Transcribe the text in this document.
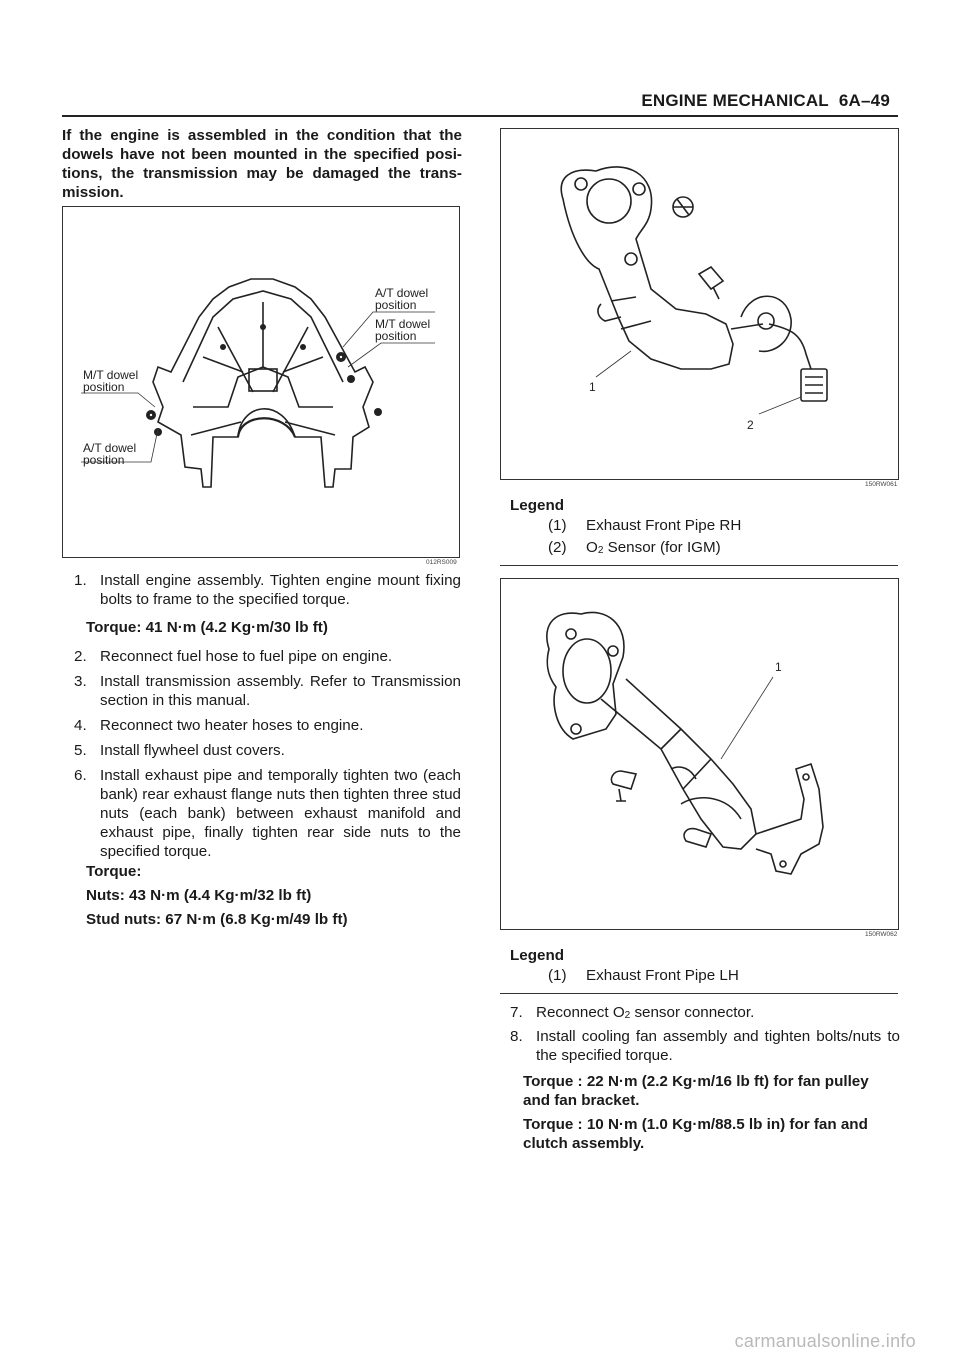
ENGINE MECHANICAL 6A–49
If the engine is assembled in the condition that the dowels have not been mounted in the specified posi- tions, the transmission may be damaged the trans- mission.
A/T dowel
position
M/T dowel
position
M/T dowel
position
A/T dowel
position
012RS009
1. Install engine assembly. Tighten engine mount fixing bolts to frame to the specified torque.
Torque: 41 N·m (4.2 Kg·m/30 lb ft)
2. Reconnect fuel hose to fuel pipe on engine.
3. Install transmission assembly. Refer to Transmission section in this manual.
4. Reconnect two heater hoses to engine.
5. Install flywheel dust covers.
6. Install exhaust pipe and temporally tighten two (each bank) rear exhaust flange nuts then tighten three stud nuts (each bank) between exhaust manifold and exhaust pipe, finally tighten rear side nuts to the specified torque.
Torque:
Nuts: 43 N·m (4.4 Kg·m/32 lb ft)
Stud nuts: 67 N·m (6.8 Kg·m/49 lb ft)
1
2
150RW061
Legend
(1) Exhaust Front Pipe RH
(2) $O_2$ Sensor (for IGM)
1
150RW062
Legend
(1) Exhaust Front Pipe LH
7. Reconnect $O_2$ sensor connector.
8. Install cooling fan assembly and tighten bolts/nuts to the specified torque.
Torque : 22 N·m (2.2 Kg·m/16 lb ft) for fan pulley and fan bracket.
Torque : 10 N·m (1.0 Kg·m/88.5 lb in) for fan and clutch assembly.
carmanualsonline.info
